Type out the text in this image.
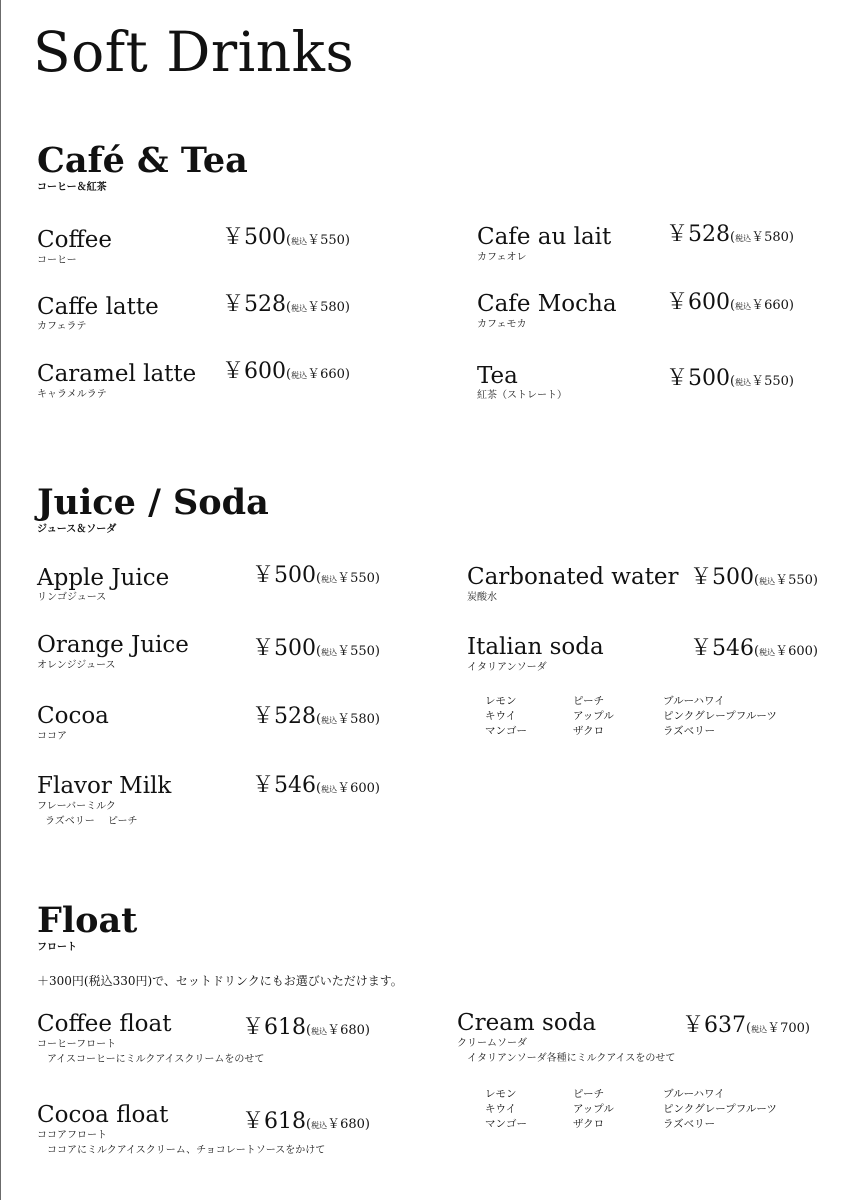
Soft Drinks
Café & Tea
コーヒー＆紅茶
Coffee
コーヒー
￥500(税込￥550)
Caffe latte
カフェラテ
￥528(税込￥580)
Caramel latte
キャラメルラテ
￥600(税込￥660)
Cafe au lait
カフェオレ
￥528(税込￥580)
Cafe Mocha
カフェモカ
￥600(税込￥660)
Tea
紅茶（ストレート）
￥500(税込￥550)
Juice / Soda
ジュース＆ソーダ
Apple Juice
リンゴジュース
￥500(税込￥550)
Orange Juice
オレンジジュース
￥500(税込￥550)
Cocoa
ココア
￥528(税込￥580)
Flavor Milk
フレーバーミルク
ラズベリー　 ピーチ
￥546(税込￥600)
Carbonated water
炭酸水
￥500(税込￥550)
Italian soda
イタリアンソーダ
￥546(税込￥600)
レモン	ピーチ	ブルーハワイ
キウイ	アップル	ピンクグレープフルーツ
マンゴー	ザクロ	ラズベリー
Float
フロート
＋300円(税込330円)で、セットドリンクにもお選びいただけます。
Coffee float
コーヒーフロート
アイスコーヒーにミルクアイスクリームをのせて
￥618(税込￥680)
Cocoa float
ココアフロート
ココアにミルクアイスクリーム、チョコレートソースをかけて
￥618(税込￥680)
Cream soda
クリームソーダ
イタリアンソーダ各種にミルクアイスをのせて
￥637(税込￥700)
レモン	ピーチ	ブルーハワイ
キウイ	アップル	ピンクグレープフルーツ
マンゴー	ザクロ	ラズベリー
